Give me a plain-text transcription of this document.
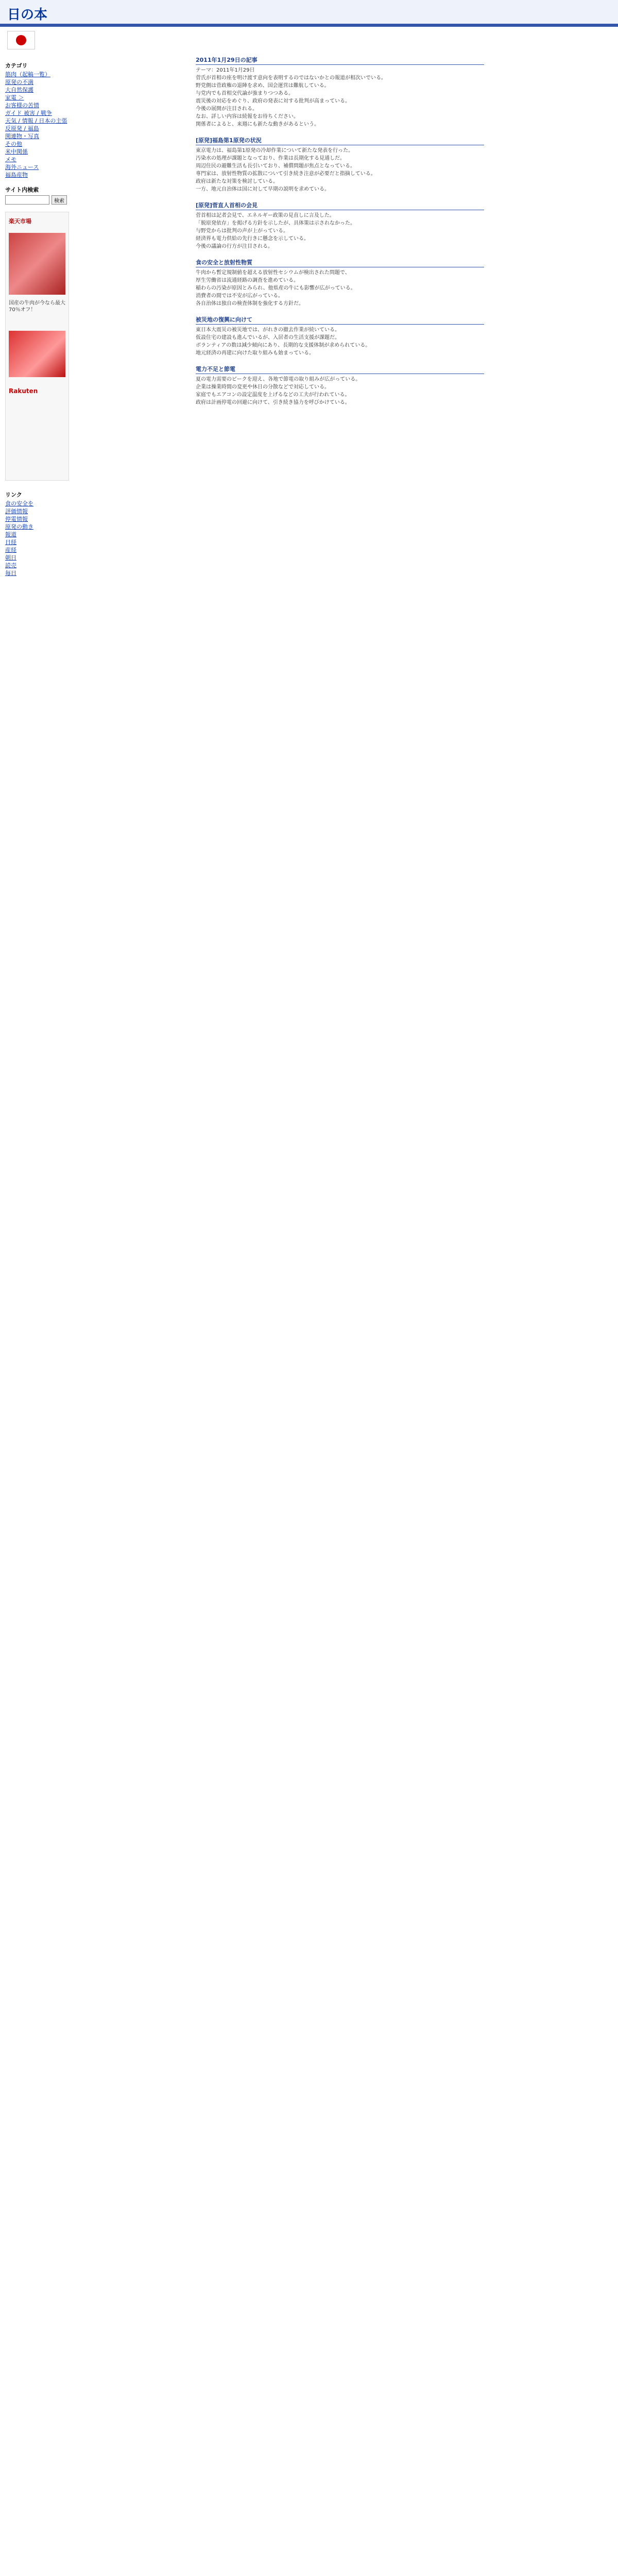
日の本
カテゴリ
筋肉（起稿一覧）
原発の不満
大自然保護
家電 ＞
お客様の苦情
ガイド 被害 / 戦争
天気 / 情報 / 日本の主張
反原発 / 福島
関連物・写真
その他
米中関係
メモ
海外ニュース
福島産物
サイト内検索
検索
楽天市場
国産の牛肉が今なら最大70％オフ！
Rakuten
リンク
食の安全を
評価情報
停電情報
原発の動き
報道
日経
産経
朝日
読売
毎日
2011年1月29日の記事

テーマ：2011年1月29日

菅氏が首相の座を明け渡す意向を表明するのではないかとの報道が相次いでいる。

野党側は菅政権の退陣を求め、国会運営は難航している。

与党内でも首相交代論が強まりつつある。

震災後の対応をめぐり、政府の発表に対する批判が高まっている。

今後の展開が注目される。

なお、詳しい内容は続報をお待ちください。

関係者によると、来週にも新たな動きがあるという。

[原発]福島第1原発の状況

東京電力は、福島第1原発の冷却作業について新たな発表を行った。

汚染水の処理が課題となっており、作業は長期化する見通しだ。

周辺住民の避難生活も長引いており、補償問題が焦点となっている。

専門家は、放射性物質の拡散について引き続き注意が必要だと指摘している。

政府は新たな対策を検討している。

一方、地元自治体は国に対して早期の説明を求めている。

[原発]菅直人首相の会見

菅首相は記者会見で、エネルギー政策の見直しに言及した。

「脱原発依存」を掲げる方針を示したが、具体策は示されなかった。

与野党からは批判の声が上がっている。

経済界も電力供給の先行きに懸念を示している。

今後の議論の行方が注目される。

食の安全と放射性物質

牛肉から暫定規制値を超える放射性セシウムが検出された問題で、

厚生労働省は流通経路の調査を進めている。

稲わらの汚染が原因とみられ、他県産の牛にも影響が広がっている。

消費者の間では不安が広がっている。

各自治体は独自の検査体制を強化する方針だ。

被災地の復興に向けて

東日本大震災の被災地では、がれきの撤去作業が続いている。

仮設住宅の建設も進んでいるが、入居者の生活支援が課題だ。

ボランティアの数は減少傾向にあり、長期的な支援体制が求められている。

地元経済の再建に向けた取り組みも始まっている。

電力不足と節電

夏の電力需要のピークを迎え、各地で節電の取り組みが広がっている。

企業は操業時間の変更や休日の分散などで対応している。

家庭でもエアコンの設定温度を上げるなどの工夫が行われている。

政府は計画停電の回避に向けて、引き続き協力を呼びかけている。
